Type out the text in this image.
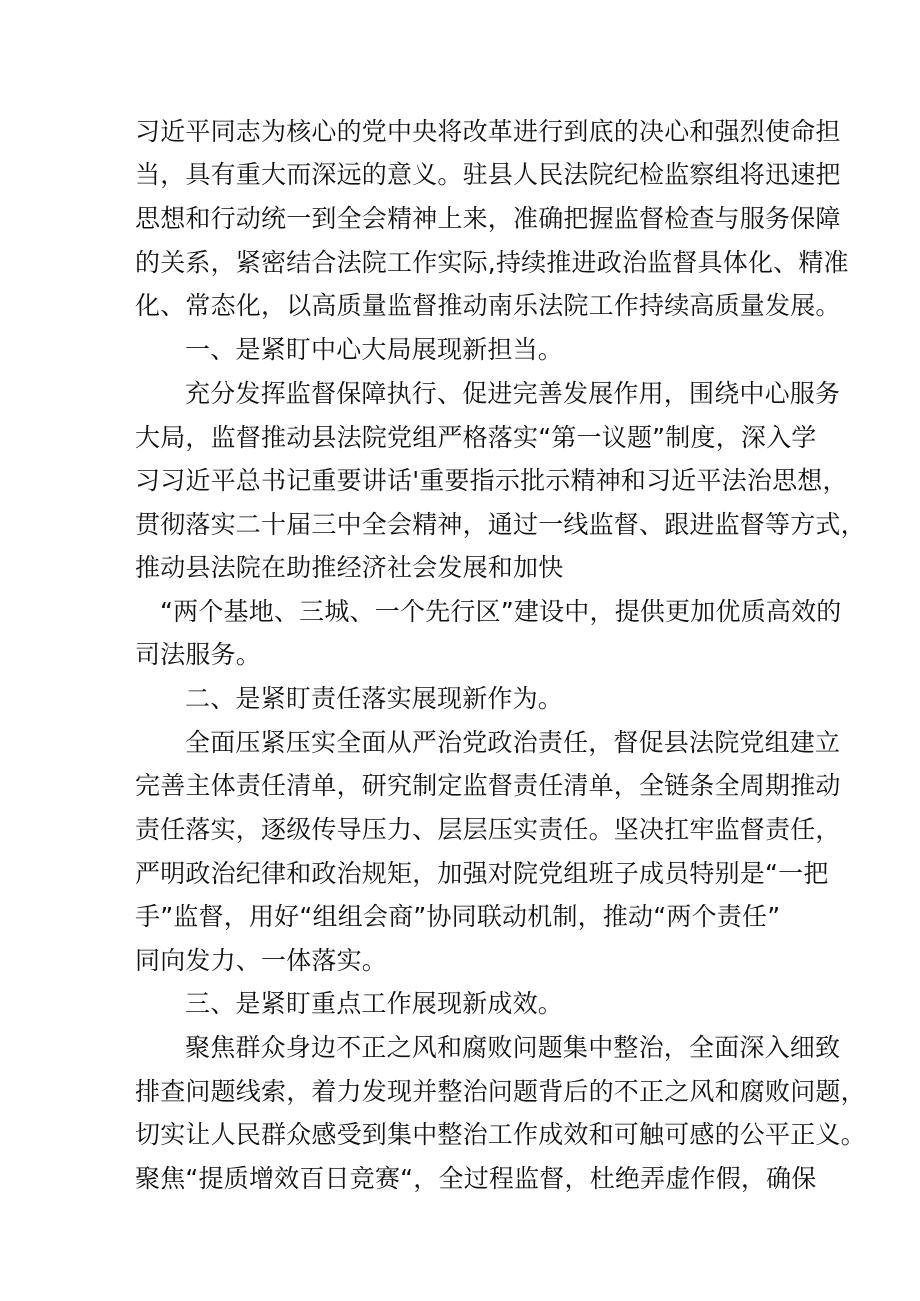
习近平同志为核心的党中央将改革进行到底的决心和强烈使命担
当，具有重大而深远的意义。驻县人民法院纪检监察组将迅速把
思想和行动统一到全会精神上来，准确把握监督检查与服务保障
的关系，紧密结合法院工作实际,持续推进政治监督具体化、精准
化、常态化，以高质量监督推动南乐法院工作持续高质量发展。
一、是紧盯中心大局展现新担当。
充分发挥监督保障执行、促进完善发展作用，围绕中心服务
大局，监督推动县法院党组严格落实“第一议题”制度，深入学
习习近平总书记重要讲话'重要指示批示精神和习近平法治思想，
贯彻落实二十届三中全会精神，通过一线监督、跟进监督等方式，
推动县法院在助推经济社会发展和加快
“两个基地、三城、一个先行区”建设中，提供更加优质高效的
司法服务。
二、是紧盯责任落实展现新作为。
全面压紧压实全面从严治党政治责任，督促县法院党组建立
完善主体责任清单，研究制定监督责任清单，全链条全周期推动
责任落实，逐级传导压力、层层压实责任。坚决扛牢监督责任，
严明政治纪律和政治规矩，加强对院党组班子成员特别是“一把
手”监督，用好“组组会商”协同联动机制，推动“两个责任”
同向发力、一体落实。
三、是紧盯重点工作展现新成效。
聚焦群众身边不正之风和腐败问题集中整治，全面深入细致
排查问题线索，着力发现并整治问题背后的不正之风和腐败问题，
切实让人民群众感受到集中整治工作成效和可触可感的公平正义。
聚焦“提质增效百日竞赛“，全过程监督，杜绝弄虚作假，确保
